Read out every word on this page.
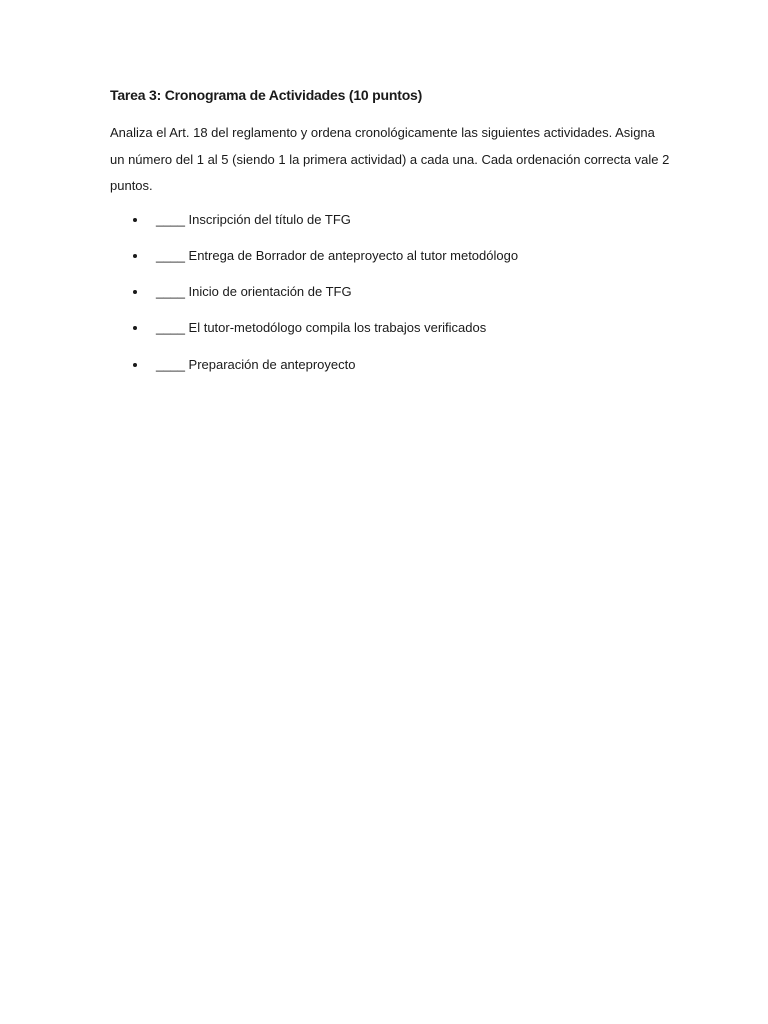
Tarea 3: Cronograma de Actividades (10 puntos)

Analiza el Art. 18 del reglamento y ordena cronológicamente las siguientes actividades. Asigna un número del 1 al 5 (siendo 1 la primera actividad) a cada una. Cada ordenación correcta vale 2 puntos.

____ Inscripción del título de TFG
____ Entrega de Borrador de anteproyecto al tutor metodólogo
____ Inicio de orientación de TFG
____ El tutor-metodólogo compila los trabajos verificados
____ Preparación de anteproyecto
